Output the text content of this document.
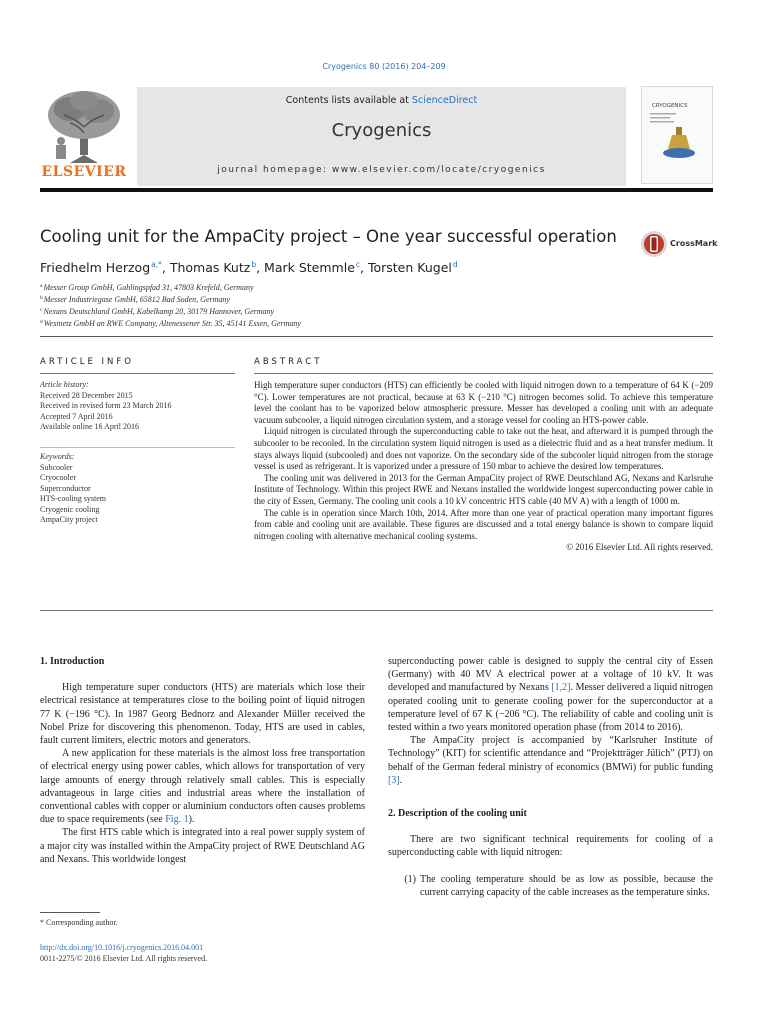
Cryogenics 80 (2016) 204–209
ELSEVIER
Contents lists available at ScienceDirect
Cryogenics
journal homepage: www.elsevier.com/locate/cryogenics
CRYOGENICS
Cooling unit for the AmpaCity project – One year successful operation	CrossMark
Friedhelm Herzog$^{a,*}$, Thomas Kutz$^b$, Mark Stemmle$^c$, Torsten Kugel$^d$
$^a$Messer Group GmbH, Gahlingspfad 31, 47803 Krefeld, Germany
$^b$Messer Industriegase GmbH, 65812 Bad Soden, Germany
$^c$Nexans Deutschland GmbH, Kabelkamp 20, 30179 Hannover, Germany
$^d$Westnetz GmbH an RWE Company, Altenessener Str. 35, 45141 Essen, Germany
ARTICLE INFO
Article history:
Received 28 December 2015
Received in revised form 23 March 2016
Accepted 7 April 2016
Available online 16 April 2016
Keywords:
Subcooler
Cryocooler
Superconductor
HTS-cooling system
Cryogenic cooling
AmpaCity project
ABSTRACT

High temperature super conductors (HTS) can efficiently be cooled with liquid nitrogen down to a temperature of 64 K (−209 °C). Lower temperatures are not practical, because at 63 K (−210 °C) nitrogen becomes solid. To achieve this temperature level the coolant has to be vaporized below atmospheric pressure. Messer has developed a cooling unit with an adequate vacuum subcooler, a liquid nitrogen circulation system, and a storage vessel for cooling an HTS-power cable.

Liquid nitrogen is circulated through the superconducting cable to take out the heat, and afterward it is pumped through the subcooler to be recooled. In the circulation system liquid nitrogen is used as a dielectric fluid and as a heat transfer medium. It stays always liquid (subcooled) and does not vaporize. On the secondary side of the subcooler liquid nitrogen from the storage vessel is used as refrigerant. It is vaporized under a pressure of 150 mbar to achieve the desired low temperatures.

The cooling unit was delivered in 2013 for the German AmpaCity project of RWE Deutschland AG, Nexans and Karlsruhe Institute of Technology. Within this project RWE and Nexans installed the worldwide longest superconducting power cable in the city of Essen, Germany. The cooling unit cools a 10 kV concentric HTS cable (40 MV A) with a length of 1000 m.

The cable is in operation since March 10th, 2014. After more than one year of practical operation many important figures from cable and cooling unit are available. These figures are discussed and a total energy balance is shown to compare liquid nitrogen cooling with alternative mechanical cooling systems.

© 2016 Elsevier Ltd. All rights reserved.
1. Introduction

High temperature super conductors (HTS) are materials which lose their electrical resistance at temperatures close to the boiling point of liquid nitrogen 77 K (−196 °C). In 1987 Georg Bednorz and Alexander Müller received the Nobel Prize for discovering this phenomenon. Today, HTS are used in cables, fault current limiters, electric motors and generators.

A new application for these materials is the almost loss free transportation of electrical energy using power cables, which allows for transportation of very large amounts of energy through relatively small cables. This is especially advantageous in large cities and industrial areas where the installation of conventional cables with copper or aluminium conductors often causes problems due to space requirements (see Fig. 1).

The first HTS cable which is integrated into a real power supply system of a major city was installed within the AmpaCity project of RWE Deutschland AG and Nexans. This worldwide longest

superconducting power cable is designed to supply the central city of Essen (Germany) with 40 MV A electrical power at a voltage of 10 kV. It was developed and manufactured by Nexans [1,2]. Messer delivered a liquid nitrogen operated cooling unit to generate cooling power for the superconductor at a temperature level of 67 K (−206 °C). The reliability of cable and cooling unit is tested within a two years monitored operation phase (from 2014 to 2016).

The AmpaCity project is accompanied by “Karlsruher Institute of Technology” (KIT) for scientific attendance and “Projektträger Jülich” (PTJ) on behalf of the German federal ministry of economics (BMWi) for public funding [3].

2. Description of the cooling unit

There are two significant technical requirements for cooling of a superconducting cable with liquid nitrogen:

(1) The cooling temperature should be as low as possible, because the current carrying capacity of the cable increases as the temperature sinks.
* Corresponding author.
http://dx.doi.org/10.1016/j.cryogenics.2016.04.001
0011-2275/© 2016 Elsevier Ltd. All rights reserved.
